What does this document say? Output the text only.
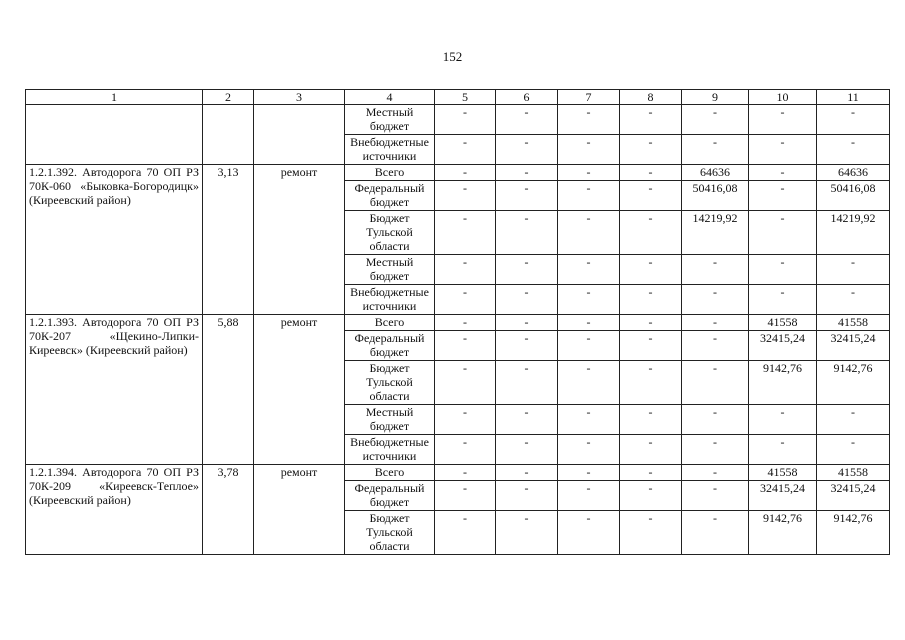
152
1	2	3	4	5	6	7	8	9	10	11
			Местный бюджет	-	-	-	-	-	-	-
			Внебюджетные источники	-	-	-	-	-	-	-
1.2.1.392. Автодорога 70 ОП РЗ 70К-060 «Быковка-Богородицк» (Киреевский район)	3,13	ремонт	Всего	-	-	-	-	64636	-	64636
			Федеральный бюджет	-	-	-	-	50416,08	-	50416,08
			Бюджет Тульской области	-	-	-	-	14219,92	-	14219,92
			Местный бюджет	-	-	-	-	-	-	-
			Внебюджетные источники	-	-	-	-	-	-	-
1.2.1.393. Автодорога 70 ОП РЗ 70К-207 «Щекино-Липки-Киреевск» (Киреевский район)	5,88	ремонт	Всего	-	-	-	-	-	41558	41558
			Федеральный бюджет	-	-	-	-	-	32415,24	32415,24
			Бюджет Тульской области	-	-	-	-	-	9142,76	9142,76
			Местный бюджет	-	-	-	-	-	-	-
			Внебюджетные источники	-	-	-	-	-	-	-
1.2.1.394. Автодорога 70 ОП РЗ 70К-209 «Киреевск-Теплое» (Киреевский район)	3,78	ремонт	Всего	-	-	-	-	-	41558	41558
			Федеральный бюджет	-	-	-	-	-	32415,24	32415,24
			Бюджет Тульской области	-	-	-	-	-	9142,76	9142,76
